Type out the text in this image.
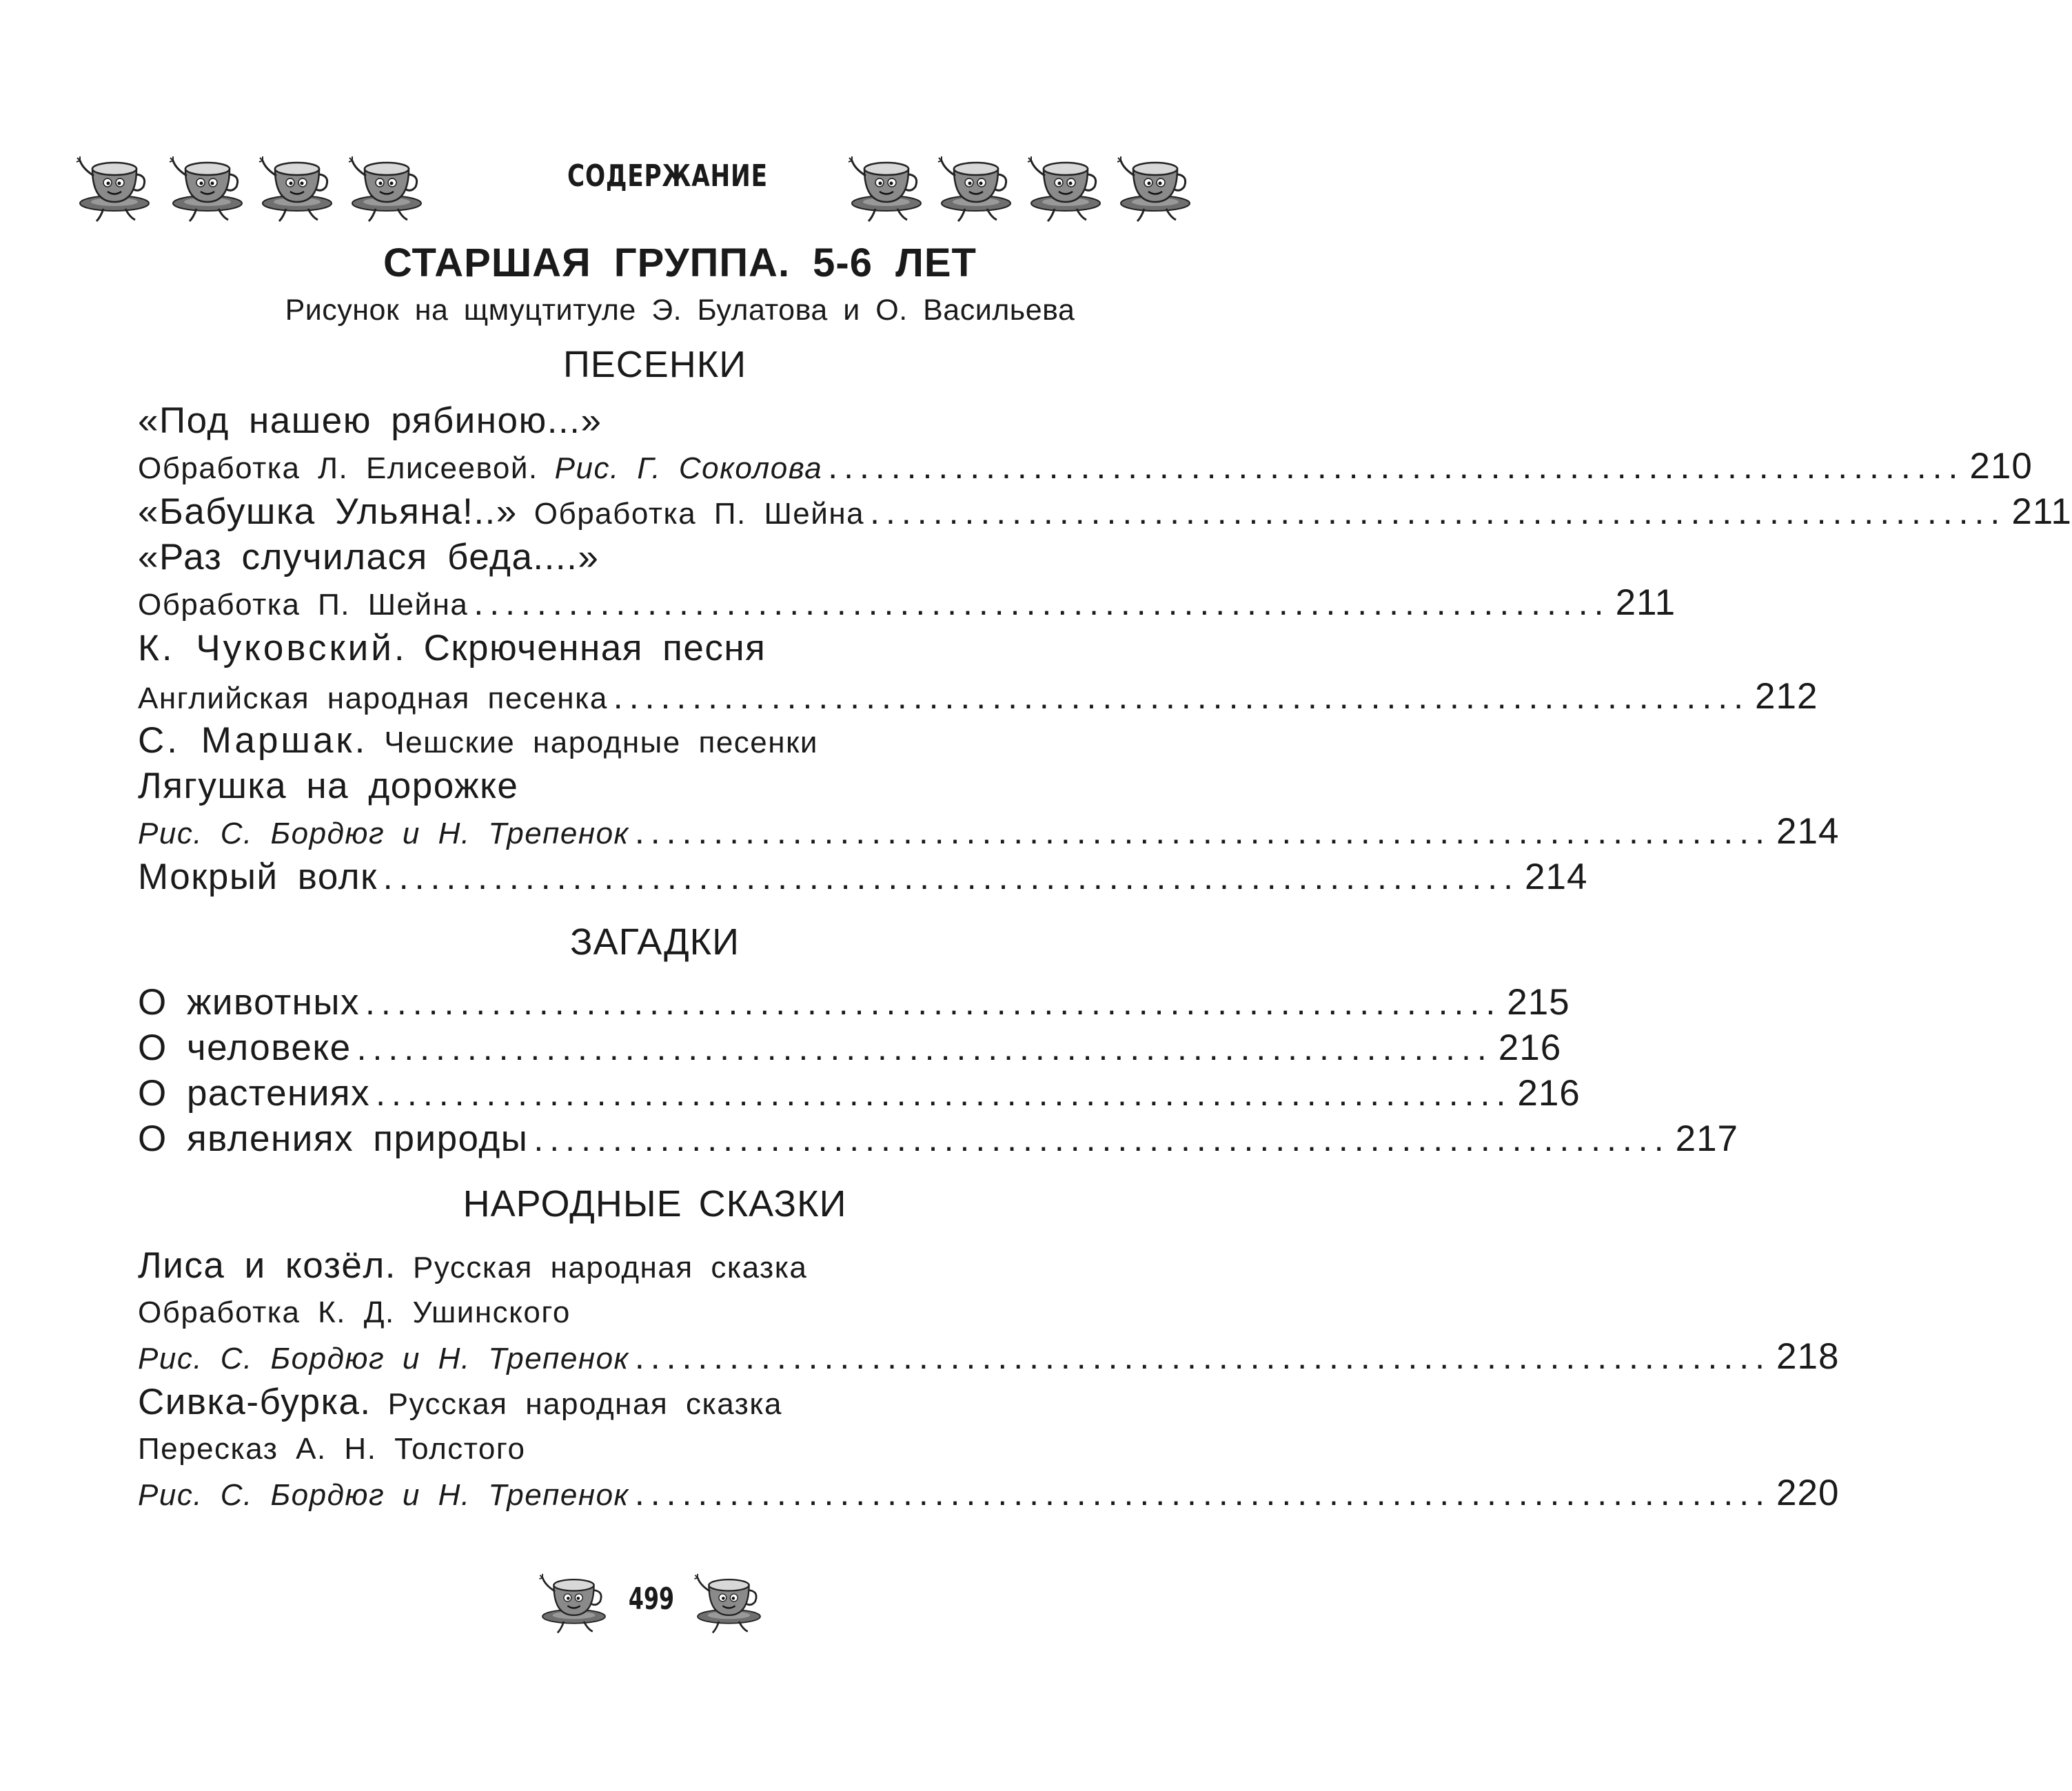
СОДЕРЖАНИЕ
СТАРШАЯ ГРУППА. 5-6 ЛЕТ
Рисунок на щмуцтитуле Э. Булатова и О. Васильева
ПЕСЕНКИ
«Под нашею рябиною...»
Обработка Л. Елисеевой. Рис. Г. Соколова ........................................................................ 210
«Бабушка Ульяна!..» Обработка П. Шейна ........................................................................ 211
«Раз случилася беда....»
Обработка П. Шейна ........................................................................ 211
К. Чуковский. Скрюченная песня
Английская народная песенка ........................................................................ 212
С. Маршак. Чешские народные песенки
Лягушка на дорожке
Рис. С. Бордюг и Н. Трепенок ........................................................................ 214
Мокрый волк ........................................................................ 214
ЗАГАДКИ
О животных ........................................................................ 215
О человеке ........................................................................ 216
О растениях ........................................................................ 216
О явлениях природы ........................................................................ 217
НАРОДНЫЕ СКАЗКИ
Лиса и козёл. Русская народная сказка
Обработка К. Д. Ушинского
Рис. С. Бордюг и Н. Трепенок ........................................................................ 218
Сивка-бурка. Русская народная сказка
Пересказ А. Н. Толстого
Рис. С. Бордюг и Н. Трепенок ........................................................................ 220
499
